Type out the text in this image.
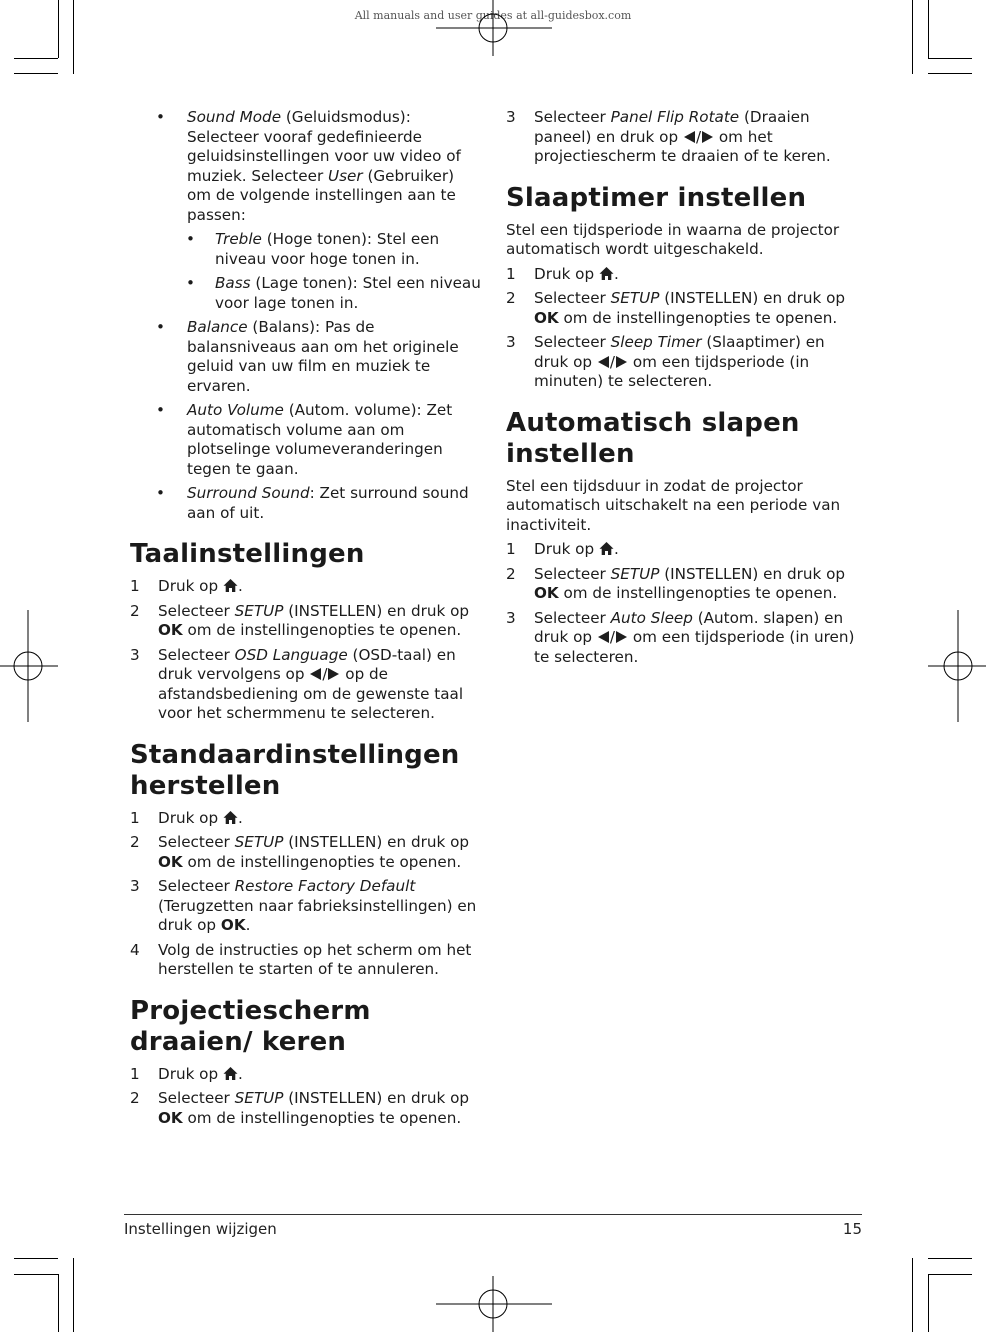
All manuals and user guides at all-guidesbox.com
• Sound Mode (Geluidsmodus): Selecteer vooraf gedefinieerde geluidsinstellingen voor uw video of muziek. Selecteer User (Gebruiker) om de volgende instellingen aan te passen:
• Treble (Hoge tonen): Stel een niveau voor hoge tonen in.
• Bass (Lage tonen): Stel een niveau voor lage tonen in.
• Balance (Balans): Pas de balansniveaus aan om het originele geluid van uw film en muziek te ervaren.
• Auto Volume (Autom. volume): Zet automatisch volume aan om plotselinge volumeveranderingen tegen te gaan.
• Surround Sound: Zet surround sound aan of uit.
Taalinstellingen
1 Druk op .
2 Selecteer SETUP (INSTELLEN) en druk op OK om de instellingenopties te openen.
3 Selecteer OSD Language (OSD-taal) en druk vervolgens op / op de afstandsbediening om de gewenste taal voor het schermmenu te selecteren.
Standaardinstellingen herstellen
1 Druk op .
2 Selecteer SETUP (INSTELLEN) en druk op OK om de instellingenopties te openen.
3 Selecteer Restore Factory Default (Terugzetten naar fabrieksinstellingen) en druk op OK.
4 Volg de instructies op het scherm om het herstellen te starten of te annuleren.
Projectiescherm draaien/ keren
1 Druk op .
2 Selecteer SETUP (INSTELLEN) en druk op OK om de instellingenopties te openen.
3 Selecteer Panel Flip Rotate (Draaien paneel) en druk op / om het projectiescherm te draaien of te keren.
Slaaptimer instellen
Stel een tijdsperiode in waarna de projector automatisch wordt uitgeschakeld.
1 Druk op .
2 Selecteer SETUP (INSTELLEN) en druk op OK om de instellingenopties te openen.
3 Selecteer Sleep Timer (Slaaptimer) en druk op / om een tijdsperiode (in minuten) te selecteren.
Automatisch slapen instellen
Stel een tijdsduur in zodat de projector automatisch uitschakelt na een periode van inactiviteit.
1 Druk op .
2 Selecteer SETUP (INSTELLEN) en druk op OK om de instellingenopties te openen.
3 Selecteer Auto Sleep (Autom. slapen) en druk op / om een tijdsperiode (in uren) te selecteren.
Instellingen wijzigen	15
